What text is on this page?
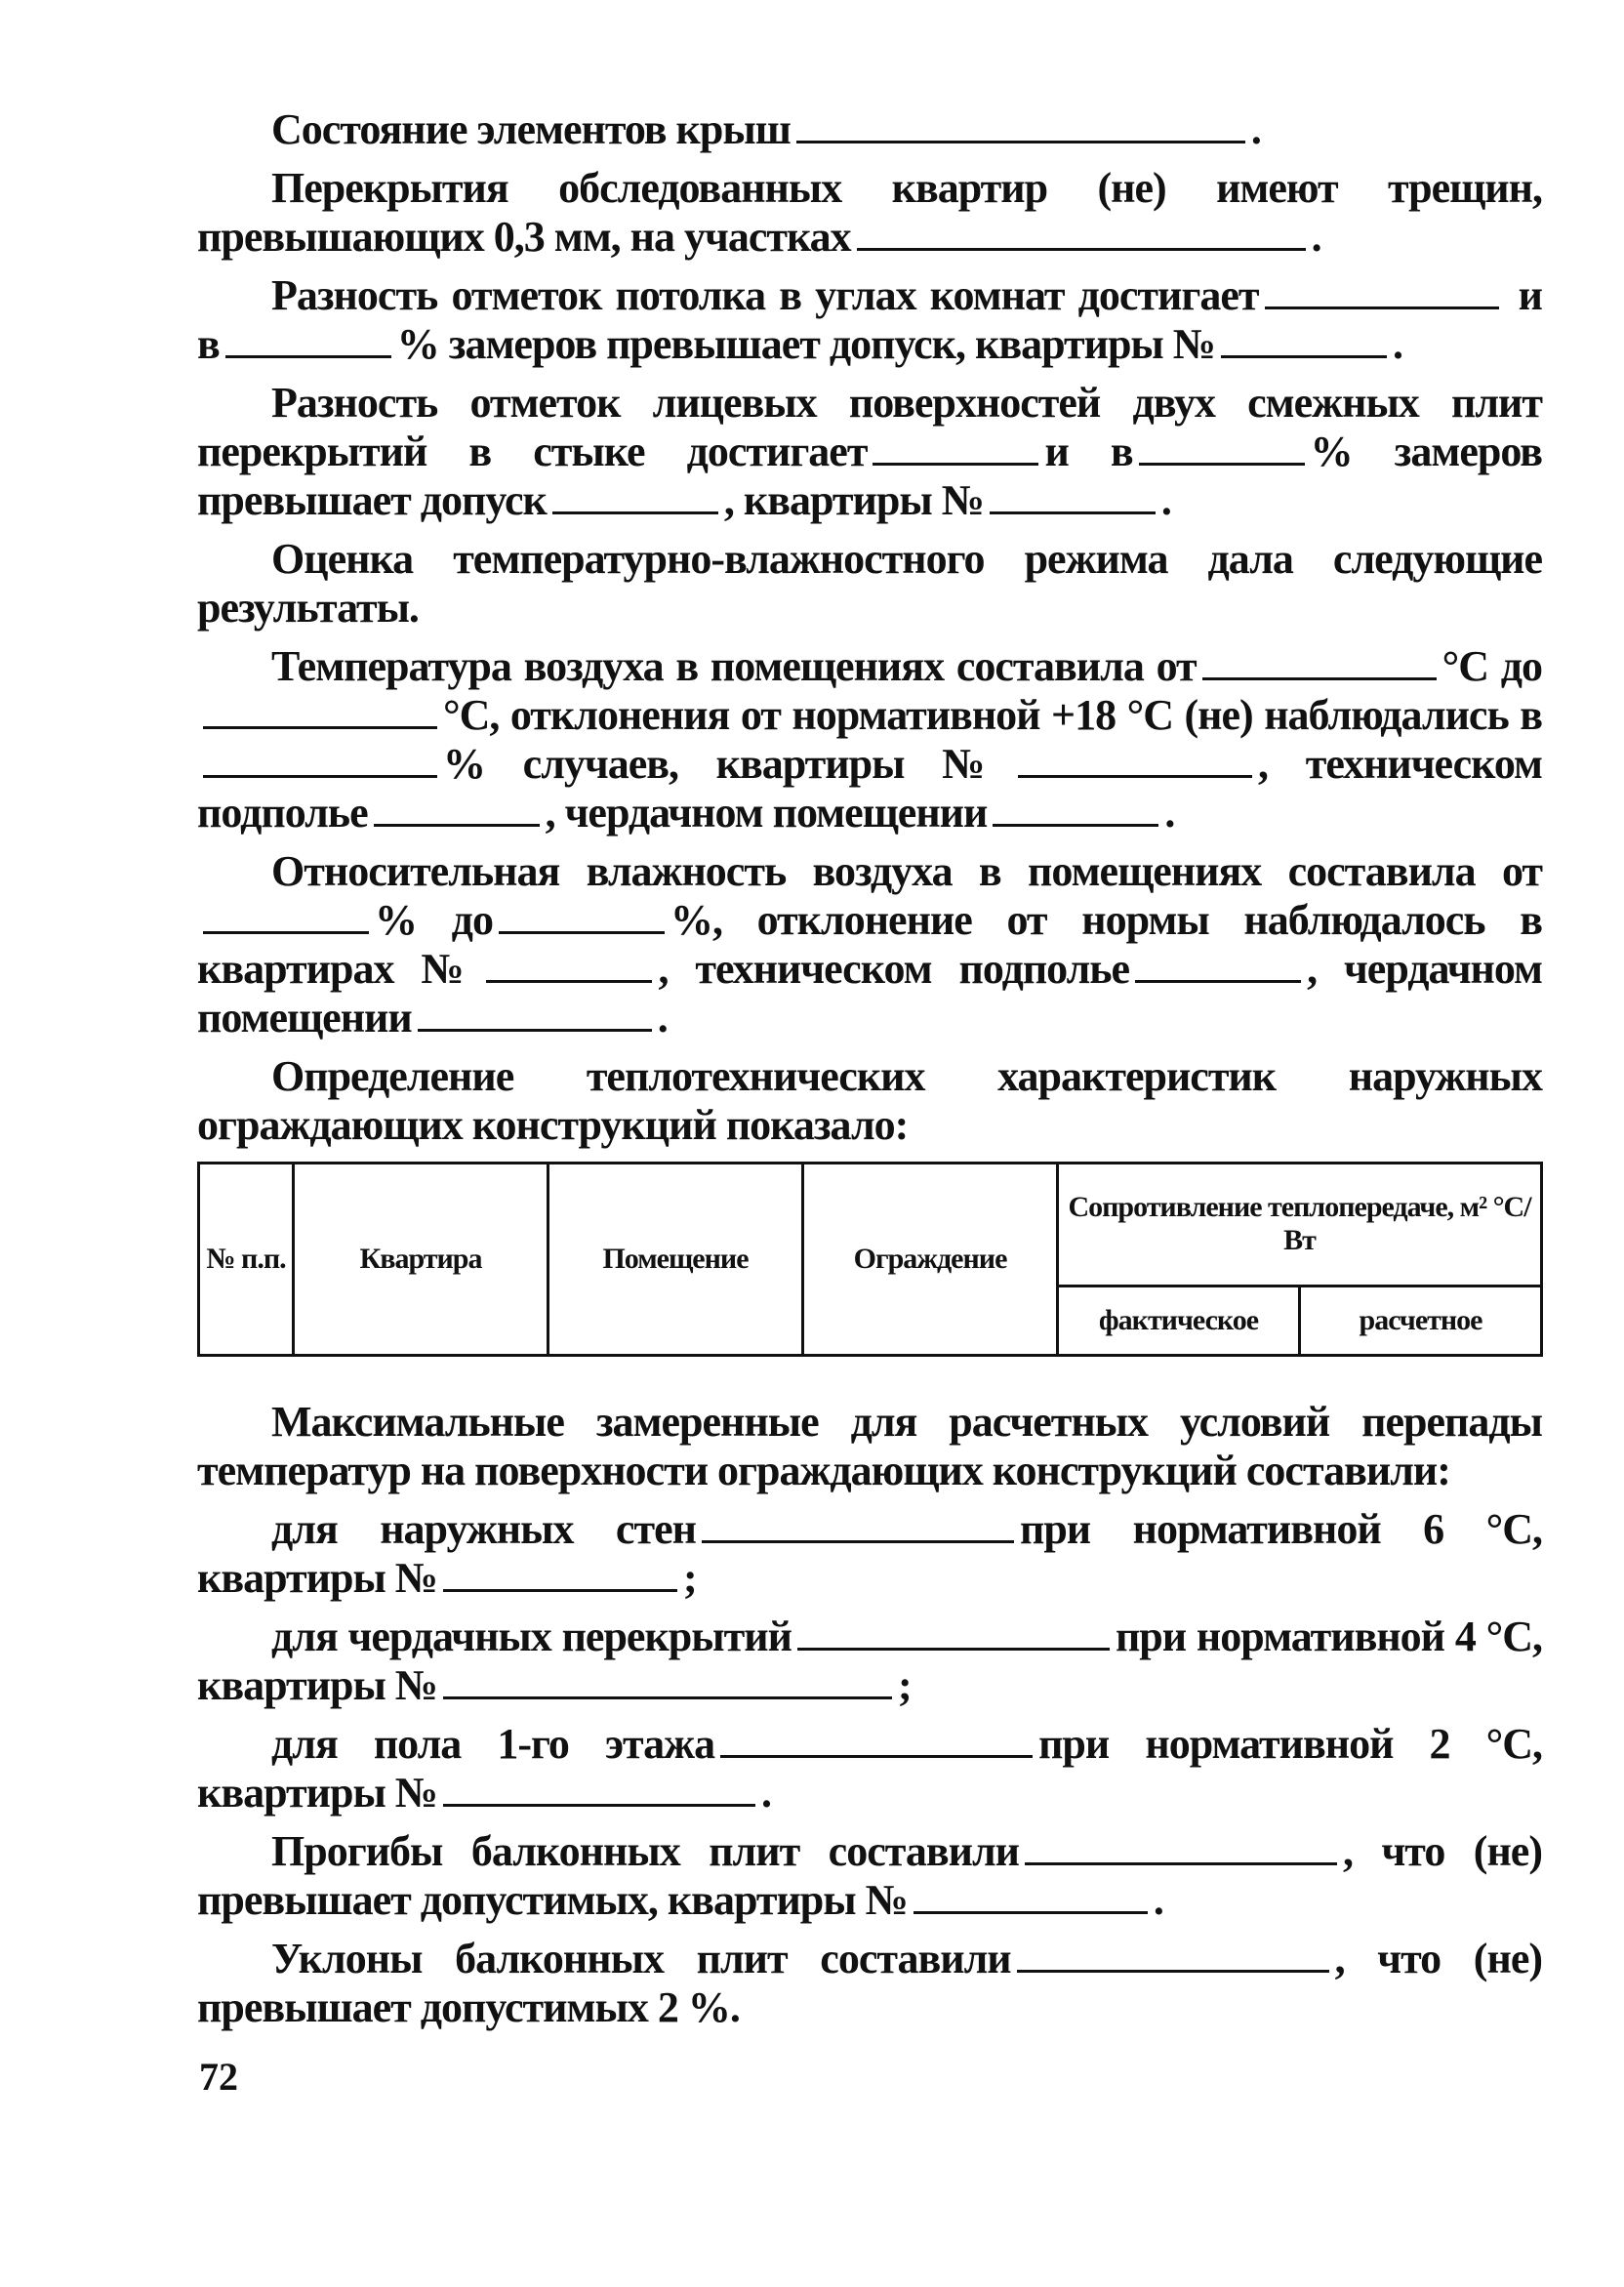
Состояние элементов крыш	.

Перекрытия обследованных квартир (не) имеют трещин, превышающих 0,3 мм, на участках	.

Разность отметок потолка в углах комнат достигает	и в	% замеров превышает допуск, квартиры №	.

Разность отметок лицевых поверхностей двух смежных плит перекрытий в стыке достигает	и в	% замеров превышает допуск	, квартиры №	.

Оценка температурно-влажностного режима дала следующие результаты.

Температура воздуха в помещениях составила от	°С до°С, отклонения от нормативной +18 °С (не) наблюдались в% случаев, квартиры №	, техническом подполье	, чердачном помещении	.

Относительная влажность воздуха в помещениях составила от% до	%, отклонение от нормы наблюдалось в квартирах №	, техническом подполье	, чердачном помещении	.

Определение теплотехнических характеристик наружных ограждающих конструкций показало:

№ п.п.	Квартира	Помещение	Ограждение	Сопротивление теплопередаче, м² °С/Вт	
				фактическое	расчетное

Максимальные замеренные для расчетных условий перепады температур на поверхности ограждающих конструкций составили:

для наружных стен	при нормативной 6 °С, квартиры №	;

для чердачных перекрытий	при нормативной 4 °С, квартиры №	;

для пола 1-го этажа	при нормативной 2 °С, квартиры №	.

Прогибы балконных плит составили	, что (не) превышает допустимых, квартиры №	.

Уклоны балконных плит составили	, что (не) превышает допустимых 2 %.

72
